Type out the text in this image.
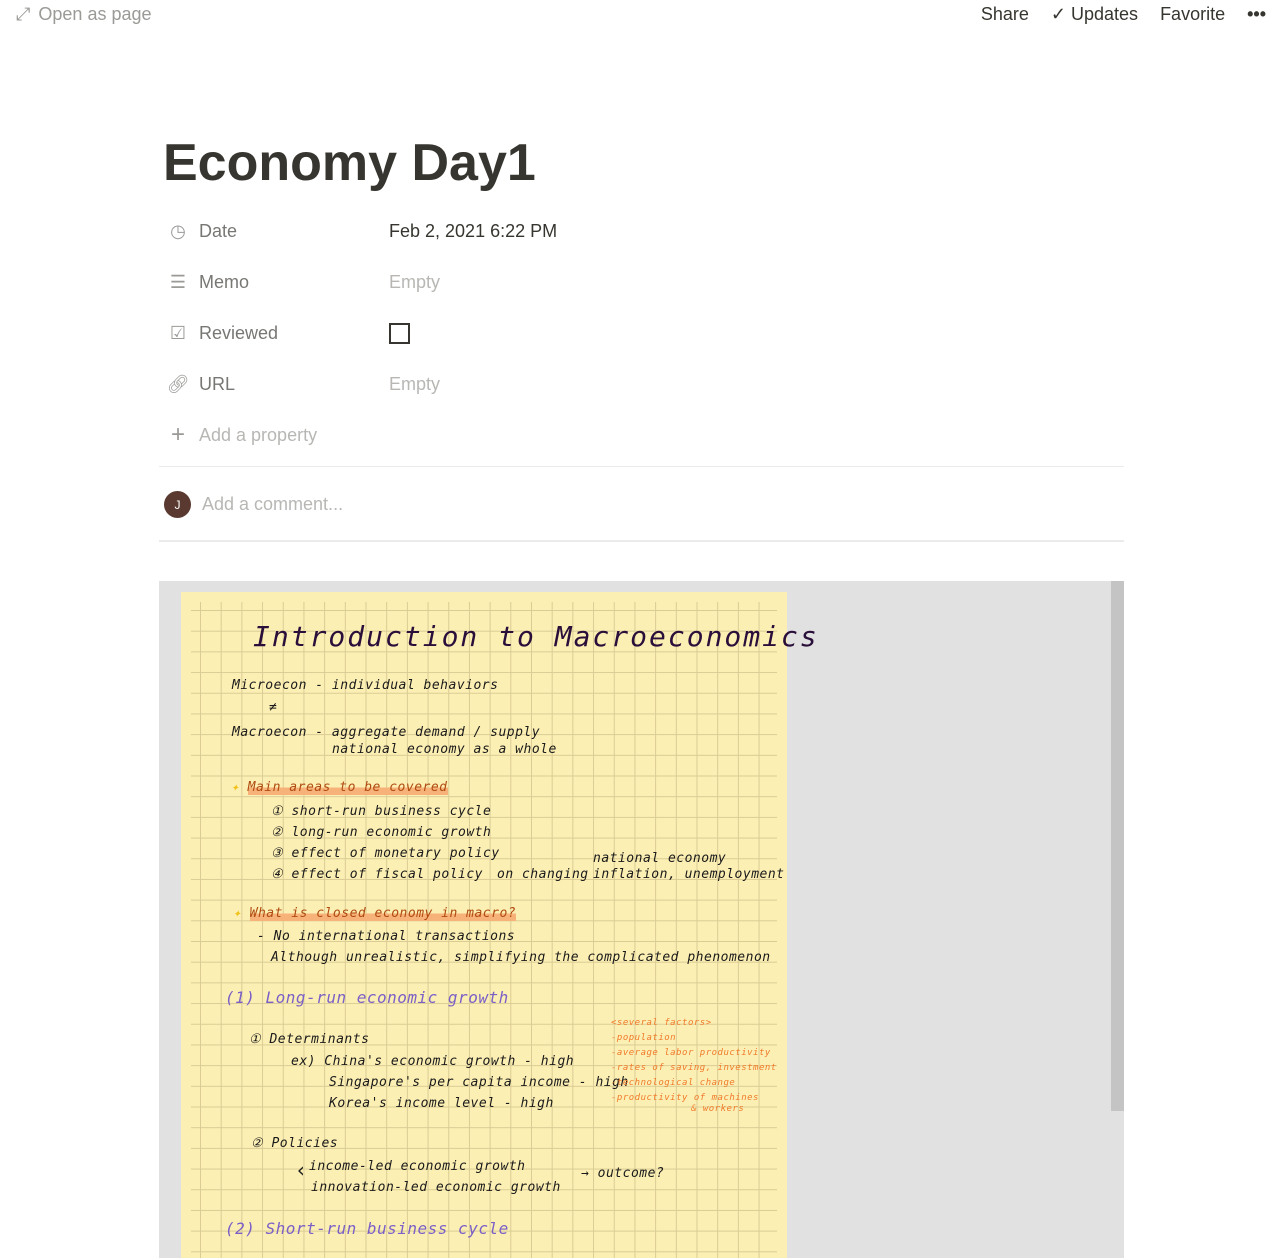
⤢ Open as page	Share ✓ Updates Favorite •••
Economy Day1
◷ Date	Feb 2, 2021 6:22 PM
☰ Memo	Empty
☑ Reviewed
🔗︎ URL	Empty
+ Add a property
J	Add a comment...
Introduction to Macroeconomics
Microecon - individual behaviors
≠
Macroecon - aggregate demand / supply
national economy as a whole
✦ Main areas to be covered
① short-run business cycle
② long-run economic growth
③ effect of monetary policy
④ effect of fiscal policy on changing
national economy
inflation, unemployment
✦ What is closed economy in macro?
- No international transactions
Although unrealistic, simplifying the complicated phenomenon
(1) Long-run economic growth
① Determinants
ex) China's economic growth - high
Singapore's per capita income - high
Korea's income level - high
<several factors>
-population
-average labor productivity
-rates of saving, investment
-technological change
-productivity of machines
& workers
② Policies
‹ income-led economic growth
innovation-led economic growth
→ outcome?
(2) Short-run business cycle
